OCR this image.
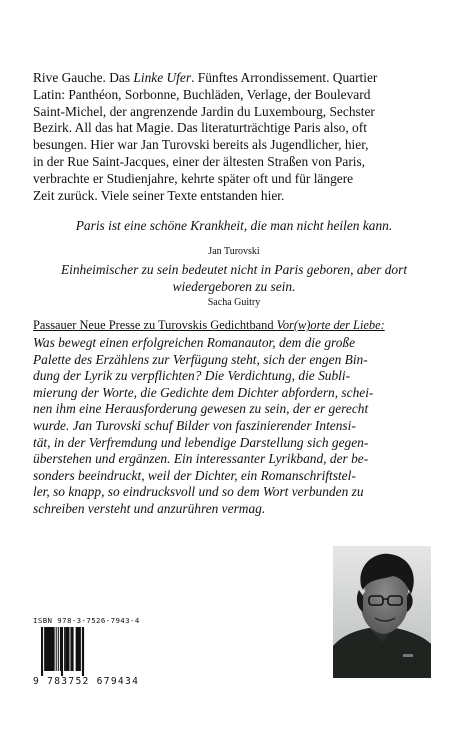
Rive Gauche. Das Linke Ufer. Fünftes Arrondissement. Quartier
Latin: Panthéon, Sorbonne, Buchläden, Verlage, der Boulevard
Saint-Michel, der angrenzende Jardin du Luxembourg, Sechster
Bezirk. All das hat Magie. Das literaturträchtige Paris also, oft
besungen. Hier war Jan Turovski bereits als Jugendlicher, hier,
in der Rue Saint-Jacques, einer der ältesten Straßen von Paris,
verbrachte er Studienjahre, kehrte später oft und für längere
Zeit zurück. Viele seiner Texte entstanden hier.
Paris ist eine schöne Krankheit, die man nicht heilen kann.
Jan Turovski
Einheimischer zu sein bedeutet nicht in Paris geboren, aber dort
wiedergeboren zu sein.
Sacha Guitry
Passauer Neue Presse zu Turovskis Gedichtband Vor(w)orte der Liebe:
Was bewegt einen erfolgreichen Romanautor, dem die große
Palette des Erzählens zur Verfügung steht, sich der engen Bin-
dung der Lyrik zu verpflichten? Die Verdichtung, die Subli-
mierung der Worte, die Gedichte dem Dichter abfordern, schei-
nen ihm eine Herausforderung gewesen zu sein, der er gerecht
wurde. Jan Turovski schuf Bilder von faszinierender Intensi-
tät, in der Verfremdung und lebendige Darstellung sich gegen-
überstehen und ergänzen. Ein interessanter Lyrikband, der be-
sonders beeindruckt, weil der Dichter, ein Romanschriftstel-
ler, so knapp, so eindrucksvoll und so dem Wort verbunden zu
schreiben versteht und anzurühren vermag.
ISBN 978-3-7526-7943-4
9 783752 679434
